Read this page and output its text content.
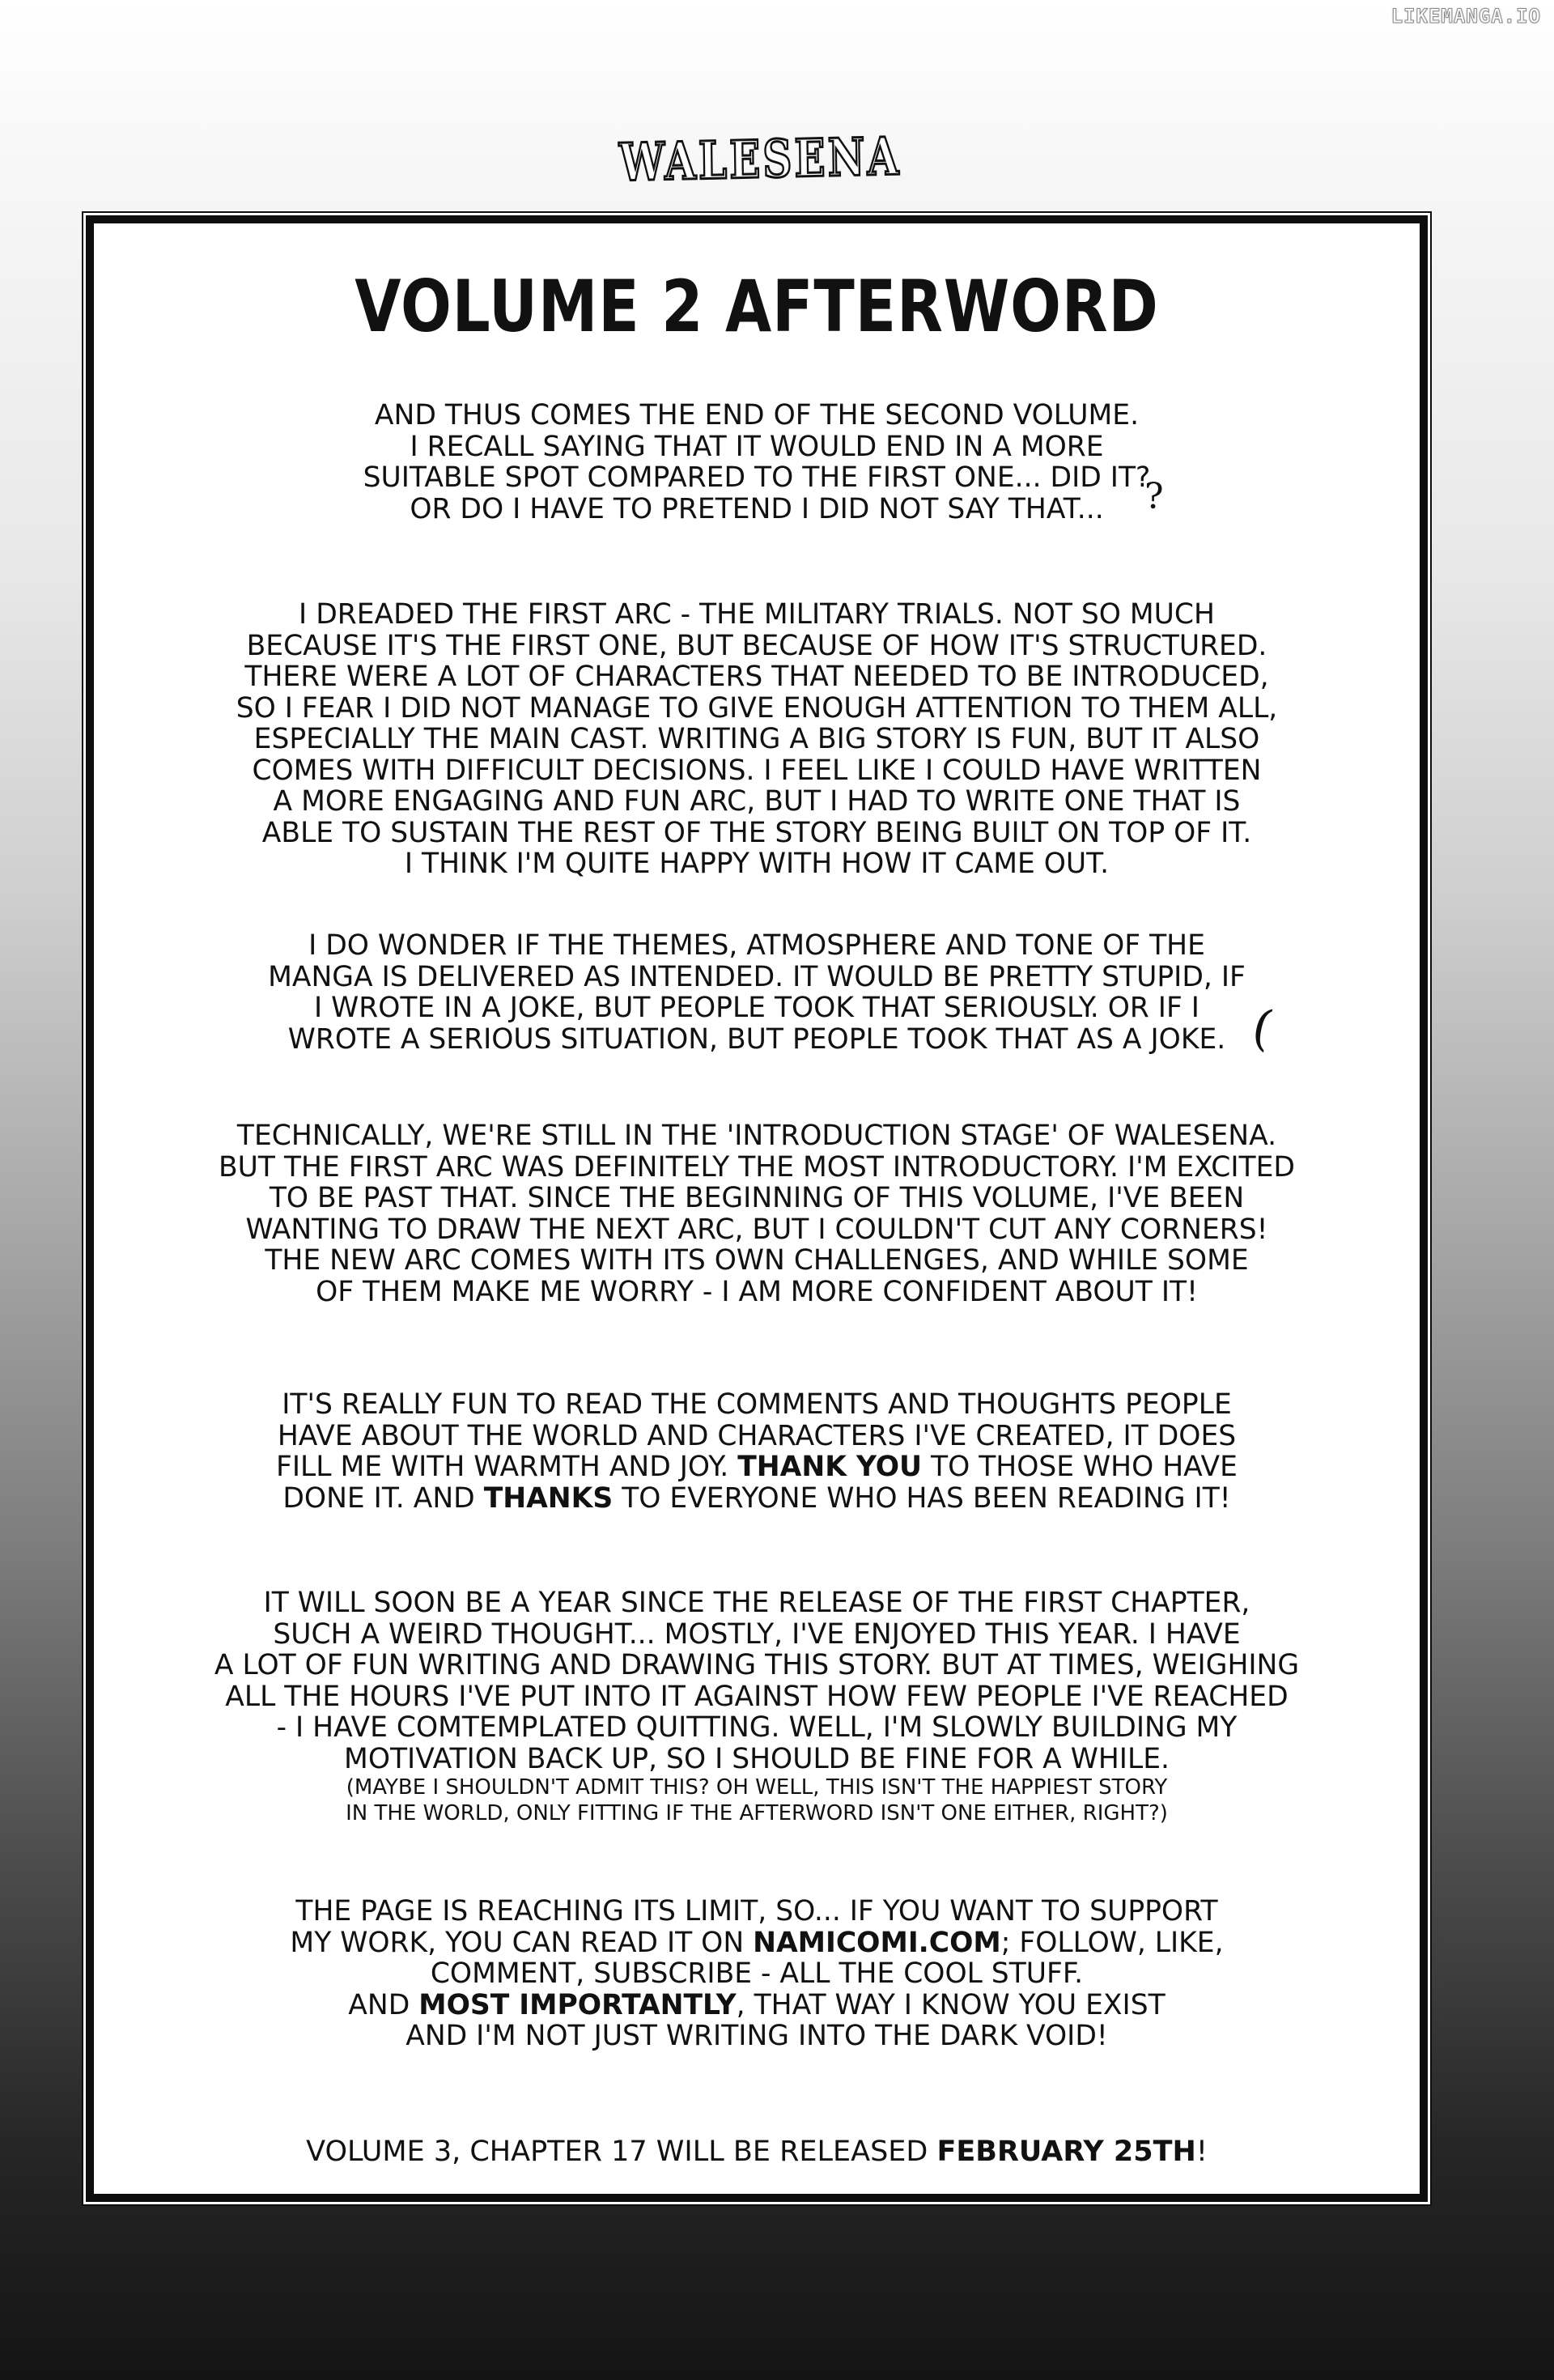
LIKEMANGA.IO
WALESENA
VOLUME 2 AFTERWORD
AND THUS COMES THE END OF THE SECOND VOLUME.
I RECALL SAYING THAT IT WOULD END IN A MORE
SUITABLE SPOT COMPARED TO THE FIRST ONE... DID IT?
OR DO I HAVE TO PRETEND I DID NOT SAY THAT...	?
I DREADED THE FIRST ARC - THE MILITARY TRIALS. NOT SO MUCH
BECAUSE IT'S THE FIRST ONE, BUT BECAUSE OF HOW IT'S STRUCTURED.
THERE WERE A LOT OF CHARACTERS THAT NEEDED TO BE INTRODUCED,
SO I FEAR I DID NOT MANAGE TO GIVE ENOUGH ATTENTION TO THEM ALL,
ESPECIALLY THE MAIN CAST. WRITING A BIG STORY IS FUN, BUT IT ALSO
COMES WITH DIFFICULT DECISIONS. I FEEL LIKE I COULD HAVE WRITTEN
A MORE ENGAGING AND FUN ARC, BUT I HAD TO WRITE ONE THAT IS
ABLE TO SUSTAIN THE REST OF THE STORY BEING BUILT ON TOP OF IT.
I THINK I'M QUITE HAPPY WITH HOW IT CAME OUT.
I DO WONDER IF THE THEMES, ATMOSPHERE AND TONE OF THE
MANGA IS DELIVERED AS INTENDED. IT WOULD BE PRETTY STUPID, IF
I WROTE IN A JOKE, BUT PEOPLE TOOK THAT SERIOUSLY. OR IF I
WROTE A SERIOUS SITUATION, BUT PEOPLE TOOK THAT AS A JOKE. (
TECHNICALLY, WE'RE STILL IN THE 'INTRODUCTION STAGE' OF WALESENA.
BUT THE FIRST ARC WAS DEFINITELY THE MOST INTRODUCTORY. I'M EXCITED
TO BE PAST THAT. SINCE THE BEGINNING OF THIS VOLUME, I'VE BEEN
WANTING TO DRAW THE NEXT ARC, BUT I COULDN'T CUT ANY CORNERS!
THE NEW ARC COMES WITH ITS OWN CHALLENGES, AND WHILE SOME
OF THEM MAKE ME WORRY - I AM MORE CONFIDENT ABOUT IT!
IT'S REALLY FUN TO READ THE COMMENTS AND THOUGHTS PEOPLE
HAVE ABOUT THE WORLD AND CHARACTERS I'VE CREATED, IT DOES
FILL ME WITH WARMTH AND JOY. THANK YOU TO THOSE WHO HAVE
DONE IT. AND THANKS TO EVERYONE WHO HAS BEEN READING IT!
IT WILL SOON BE A YEAR SINCE THE RELEASE OF THE FIRST CHAPTER,
SUCH A WEIRD THOUGHT... MOSTLY, I'VE ENJOYED THIS YEAR. I HAVE
A LOT OF FUN WRITING AND DRAWING THIS STORY. BUT AT TIMES, WEIGHING
ALL THE HOURS I'VE PUT INTO IT AGAINST HOW FEW PEOPLE I'VE REACHED
- I HAVE COMTEMPLATED QUITTING. WELL, I'M SLOWLY BUILDING MY
MOTIVATION BACK UP, SO I SHOULD BE FINE FOR A WHILE.
(MAYBE I SHOULDN'T ADMIT THIS? OH WELL, THIS ISN'T THE HAPPIEST STORY
IN THE WORLD, ONLY FITTING IF THE AFTERWORD ISN'T ONE EITHER, RIGHT?)
THE PAGE IS REACHING ITS LIMIT, SO... IF YOU WANT TO SUPPORT
MY WORK, YOU CAN READ IT ON NAMICOMI.COM; FOLLOW, LIKE,
COMMENT, SUBSCRIBE - ALL THE COOL STUFF.
AND MOST IMPORTANTLY, THAT WAY I KNOW YOU EXIST
AND I'M NOT JUST WRITING INTO THE DARK VOID!
VOLUME 3, CHAPTER 17 WILL BE RELEASED FEBRUARY 25TH!
